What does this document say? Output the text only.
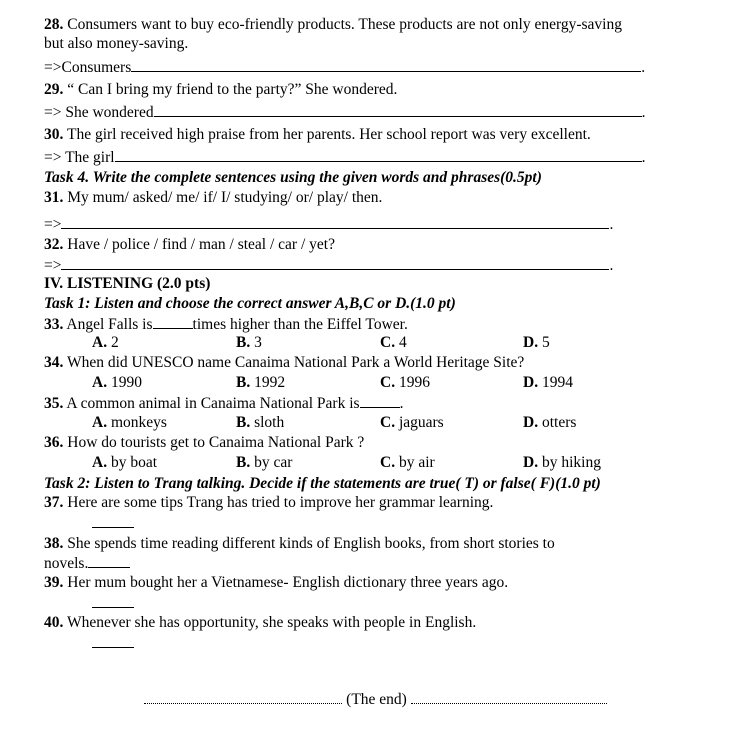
28. Consumers want to buy eco-friendly products. These products are not only energy-saving
but also money-saving.
=>Consumers	.
29. “ Can I bring my friend to the party?” She wondered.
=> She wondered	.
30. The girl received high praise from her parents. Her school report was very excellent.
=> The girl	.
Task 4. Write the complete sentences using the given words and phrases(0.5pt)
31. My mum/ asked/ me/ if/ I/ studying/ or/ play/ then.
=>	.
32. Have / police / find / man / steal / car / yet?
=>	.
IV. LISTENING (2.0 pts)
Task 1: Listen and choose the correct answer A,B,C or D.(1.0 pt)
33. Angel Falls is	times higher than the Eiffel Tower.
A. 2	B. 3	C. 4	D. 5
34. When did UNESCO name Canaima National Park a World Heritage Site?
A. 1990	B. 1992	C. 1996	D. 1994
35. A common animal in Canaima National Park is	.
A. monkeys	B. sloth	C. jaguars	D. otters
36. How do tourists get to Canaima National Park ?
A. by boat	B. by car	C. by air	D. by hiking
Task 2: Listen to Trang talking. Decide if the statements are true( T) or false( F)(1.0 pt)
37. Here are some tips Trang has tried to improve her grammar learning.
38. She spends time reading different kinds of English books, from short stories to
novels.
39. Her mum bought her a Vietnamese- English dictionary three years ago.
40. Whenever she has opportunity, she speaks with people in English.
(The end)
